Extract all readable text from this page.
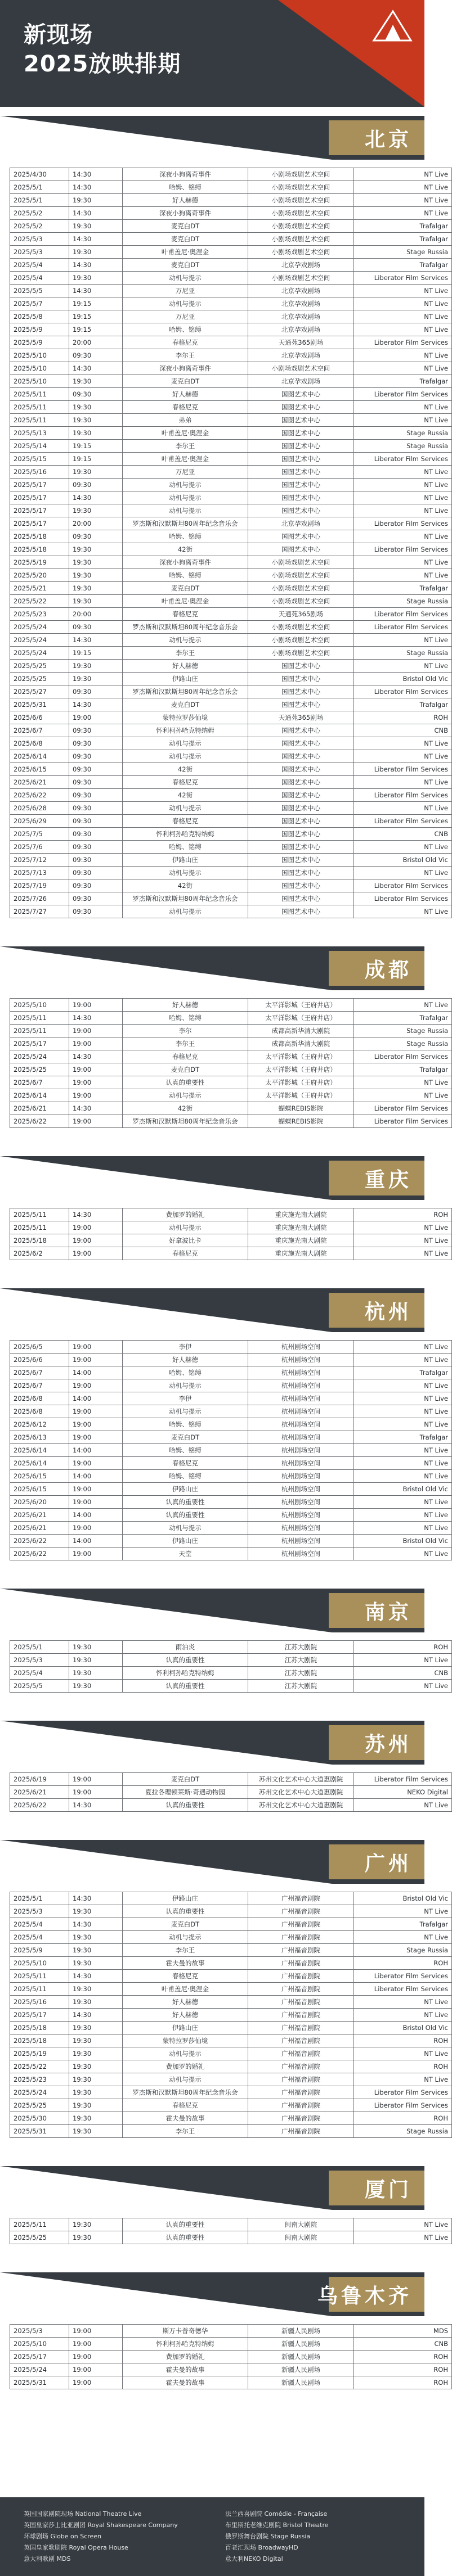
新现场
2025放映排期
北京
2025/4/30	14:30	深夜小狗离奇事件	小剧场戏剧艺术空间	NT Live
2025/5/1	14:30	哈姆、铭缚	小剧场戏剧艺术空间	NT Live
2025/5/1	19:30	好人赫德	小剧场戏剧艺术空间	NT Live
2025/5/2	14:30	深夜小狗离奇事件	小剧场戏剧艺术空间	NT Live
2025/5/2	19:30	麦克白DT	小剧场戏剧艺术空间	Trafalgar
2025/5/3	14:30	麦克白DT	小剧场戏剧艺术空间	Trafalgar
2025/5/3	19:30	叶甫盖尼·奥涅金	小剧场戏剧艺术空间	Stage Russia
2025/5/4	14:30	麦克白DT	北京孕戏剧场	Trafalgar
2025/5/4	19:30	动机与提示	小剧场戏剧艺术空间	Liberator Film Services
2025/5/5	14:30	万尼亚	北京孕戏剧场	NT Live
2025/5/7	19:15	动机与提示	北京孕戏剧场	NT Live
2025/5/8	19:15	万尼亚	北京孕戏剧场	NT Live
2025/5/9	19:15	哈姆、铭缚	北京孕戏剧场	NT Live
2025/5/9	20:00	春格尼克	天通苑365剧场	Liberator Film Services
2025/5/10	09:30	李尔王	北京孕戏剧场	NT Live
2025/5/10	14:30	深夜小狗离奇事件	小剧场戏剧艺术空间	NT Live
2025/5/10	19:30	麦克白DT	北京孕戏剧场	Trafalgar
2025/5/11	09:30	好人赫德	国图艺术中心	Liberator Film Services
2025/5/11	19:30	春格尼克	国图艺术中心	NT Live
2025/5/11	19:30	弟弟	国图艺术中心	NT Live
2025/5/13	19:30	叶甫盖尼·奥涅金	国图艺术中心	Stage Russia
2025/5/14	19:15	李尔王	国图艺术中心	Stage Russia
2025/5/15	19:15	叶甫盖尼·奥涅金	国图艺术中心	Liberator Film Services
2025/5/16	19:30	万尼亚	国图艺术中心	NT Live
2025/5/17	09:30	动机与提示	国图艺术中心	NT Live
2025/5/17	14:30	动机与提示	国图艺术中心	NT Live
2025/5/17	19:30	动机与提示	国图艺术中心	NT Live
2025/5/17	20:00	罗杰斯和汉默斯坦80周年纪念音乐会	北京孕戏剧场	Liberator Film Services
2025/5/18	09:30	哈姆、铭缚	国图艺术中心	NT Live
2025/5/18	19:30	42街	国图艺术中心	Liberator Film Services
2025/5/19	19:30	深夜小狗离奇事件	小剧场戏剧艺术空间	NT Live
2025/5/20	19:30	哈姆、铭缚	小剧场戏剧艺术空间	NT Live
2025/5/21	19:30	麦克白DT	小剧场戏剧艺术空间	Trafalgar
2025/5/22	19:30	叶甫盖尼·奥涅金	小剧场戏剧艺术空间	Stage Russia
2025/5/23	20:00	春格尼克	天通苑365剧场	Liberator Film Services
2025/5/24	09:30	罗杰斯和汉默斯坦80周年纪念音乐会	小剧场戏剧艺术空间	Liberator Film Services
2025/5/24	14:30	动机与提示	小剧场戏剧艺术空间	NT Live
2025/5/24	19:15	李尔王	小剧场戏剧艺术空间	Stage Russia
2025/5/25	19:30	好人赫德	国图艺术中心	NT Live
2025/5/25	19:30	伊路山庄	国图艺术中心	Bristol Old Vic
2025/5/27	09:30	罗杰斯和汉默斯坦80周年纪念音乐会	国图艺术中心	Liberator Film Services
2025/5/31	14:30	麦克白DT	国图艺术中心	Trafalgar
2025/6/6	19:00	蒙特拉罗莎仙境	天通苑365剧场	ROH
2025/6/7	09:30	怀利柯孙哈克特纳姆	国图艺术中心	CNB
2025/6/8	09:30	动机与提示	国图艺术中心	NT Live
2025/6/14	09:30	动机与提示	国图艺术中心	NT Live
2025/6/15	09:30	42街	国图艺术中心	Liberator Film Services
2025/6/21	09:30	春格尼克	国图艺术中心	NT Live
2025/6/22	09:30	42街	国图艺术中心	Liberator Film Services
2025/6/28	09:30	动机与提示	国图艺术中心	NT Live
2025/6/29	09:30	春格尼克	国图艺术中心	Liberator Film Services
2025/7/5	09:30	怀利柯孙哈克特纳姆	国图艺术中心	CNB
2025/7/6	09:30	哈姆、铭缚	国图艺术中心	NT Live
2025/7/12	09:30	伊路山庄	国图艺术中心	Bristol Old Vic
2025/7/13	09:30	动机与提示	国图艺术中心	NT Live
2025/7/19	09:30	42街	国图艺术中心	Liberator Film Services
2025/7/26	09:30	罗杰斯和汉默斯坦80周年纪念音乐会	国图艺术中心	Liberator Film Services
2025/7/27	09:30	动机与提示	国图艺术中心	NT Live
成都
2025/5/10	19:00	好人赫德	太平洋影城（王府井店）	NT Live
2025/5/11	14:30	哈姆、铭缚	太平洋影城（王府井店）	Trafalgar
2025/5/11	19:00	李尔	成都高新华清大剧院	Stage Russia
2025/5/17	19:00	李尔王	成都高新华清大剧院	Stage Russia
2025/5/24	14:30	春格尼克	太平洋影城（王府井店）	Liberator Film Services
2025/5/25	19:00	麦克白DT	太平洋影城（王府井店）	Trafalgar
2025/6/7	19:00	认真的重要性	太平洋影城（王府井店）	NT Live
2025/6/14	19:00	动机与提示	太平洋影城（王府井店）	NT Live
2025/6/21	14:30	42街	蝴蝶REBIS影院	Liberator Film Services
2025/6/22	19:00	罗杰斯和汉默斯坦80周年纪念音乐会	蝴蝶REBIS影院	Liberator Film Services
重庆
2025/5/11	14:30	费加罗的婚礼	重庆施光南大剧院	ROH
2025/5/11	19:00	动机与提示	重庆施光南大剧院	NT Live
2025/5/18	19:00	好拿波比卡	重庆施光南大剧院	NT Live
2025/6/2	19:00	春格尼克	重庆施光南大剧院	NT Live
杭州
2025/6/5	19:00	李伊	杭州剧场空间	NT Live
2025/6/6	19:00	好人赫德	杭州剧场空间	NT Live
2025/6/7	14:00	哈姆、铭缚	杭州剧场空间	Trafalgar
2025/6/7	19:00	动机与提示	杭州剧场空间	NT Live
2025/6/8	14:00	李伊	杭州剧场空间	NT Live
2025/6/8	19:00	动机与提示	杭州剧场空间	NT Live
2025/6/12	19:00	哈姆、铭缚	杭州剧场空间	NT Live
2025/6/13	19:00	麦克白DT	杭州剧场空间	Trafalgar
2025/6/14	14:00	哈姆、铭缚	杭州剧场空间	NT Live
2025/6/14	19:00	春格尼克	杭州剧场空间	NT Live
2025/6/15	14:00	哈姆、铭缚	杭州剧场空间	NT Live
2025/6/15	19:00	伊路山庄	杭州剧场空间	Bristol Old Vic
2025/6/20	19:00	认真的重要性	杭州剧场空间	NT Live
2025/6/21	14:00	认真的重要性	杭州剧场空间	NT Live
2025/6/21	19:00	动机与提示	杭州剧场空间	NT Live
2025/6/22	14:00	伊路山庄	杭州剧场空间	Bristol Old Vic
2025/6/22	19:00	天堂	杭州剧场空间	NT Live
南京
2025/5/1	19:30	雨泊炎	江苏大剧院	ROH
2025/5/3	19:30	认真的重要性	江苏大剧院	NT Live
2025/5/4	19:30	怀利柯孙哈克特纳姆	江苏大剧院	CNB
2025/5/5	19:30	认真的重要性	江苏大剧院	NT Live
苏州
2025/6/19	19:00	麦克白DT	苏州文化艺术中心大道惠剧院	Liberator Film Services
2025/6/21	19:00	夏拉各理顿莱斯·奇遇动物园	苏州文化艺术中心大道惠剧院	NEKO Digital
2025/6/22	14:30	认真的重要性	苏州文化艺术中心大道惠剧院	NT Live
广州
2025/5/1	14:30	伊路山庄	广州福音剧院	Bristol Old Vic
2025/5/3	19:30	认真的重要性	广州福音剧院	NT Live
2025/5/4	14:30	麦克白DT	广州福音剧院	Trafalgar
2025/5/4	19:30	动机与提示	广州福音剧院	NT Live
2025/5/9	19:30	李尔王	广州福音剧院	Stage Russia
2025/5/10	19:30	霍夫曼的故事	广州福音剧院	ROH
2025/5/11	14:30	春格尼克	广州福音剧院	Liberator Film Services
2025/5/11	19:30	叶甫盖尼·奥涅金	广州福音剧院	Liberator Film Services
2025/5/16	19:30	好人赫德	广州福音剧院	NT Live
2025/5/17	14:30	好人赫德	广州福音剧院	NT Live
2025/5/18	19:30	伊路山庄	广州福音剧院	Bristol Old Vic
2025/5/18	19:30	蒙特拉罗莎仙境	广州福音剧院	ROH
2025/5/19	19:30	动机与提示	广州福音剧院	NT Live
2025/5/22	19:30	费加罗的婚礼	广州福音剧院	ROH
2025/5/23	19:30	动机与提示	广州福音剧院	NT Live
2025/5/24	19:30	罗杰斯和汉默斯坦80周年纪念音乐会	广州福音剧院	Liberator Film Services
2025/5/25	19:30	春格尼克	广州福音剧院	Liberator Film Services
2025/5/30	19:30	霍夫曼的故事	广州福音剧院	ROH
2025/5/31	19:30	李尔王	广州福音剧院	Stage Russia
厦门
2025/5/11	19:30	认真的重要性	闽南大剧院	NT Live
2025/5/25	19:30	认真的重要性	闽南大剧院	NT Live
乌鲁木齐
2025/5/3	19:00	斯万卡普奇德华	新疆人民剧场	MDS
2025/5/10	19:00	怀利柯孙哈克特纳姆	新疆人民剧场	CNB
2025/5/17	19:00	费加罗的婚礼	新疆人民剧场	ROH
2025/5/24	19:00	霍夫曼的故事	新疆人民剧场	ROH
2025/5/31	19:00	霍夫曼的故事	新疆人民剧场	ROH
英国国家剧院现场 National Theatre Live
英国皇家莎士比亚剧团 Royal Shakespeare Company
环球剧场 Globe on Screen
英国皇家歌剧院 Royal Opera House
意大利歌剧 MDS
法兰西喜剧院 Comédie - Française
布里斯托老维克剧院 Bristol Theatre
俄罗斯舞台剧院 Stage Russia
百老汇现场 BroadwayHD
意大利NEKO Digital
